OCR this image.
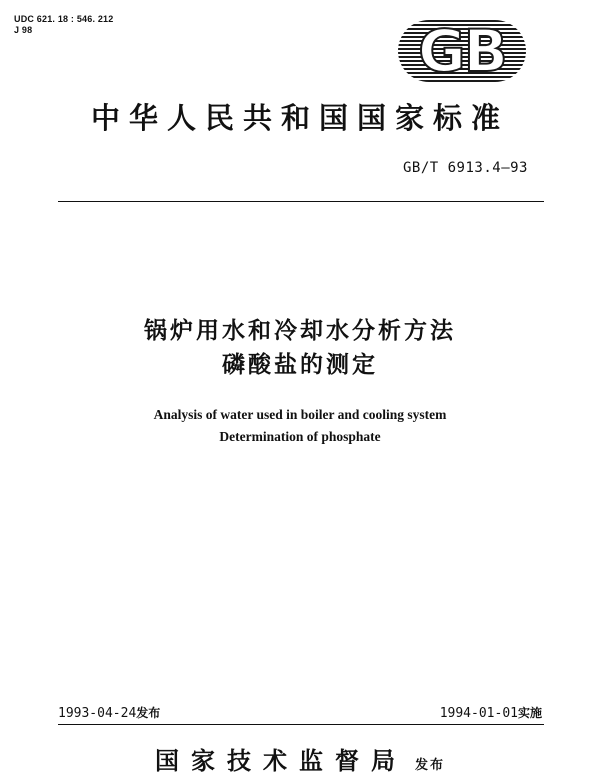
UDC 621. 18 : 546. 212
J 98	GB
中华人民共和国国家标准
GB/T 6913.4—93
锅炉用水和冷却水分析方法
磷酸盐的测定
Analysis of water used in boiler and cooling system
Determination of phosphate
1993-04-24发布	1994-01-01实施
国家技术监督局 发布
